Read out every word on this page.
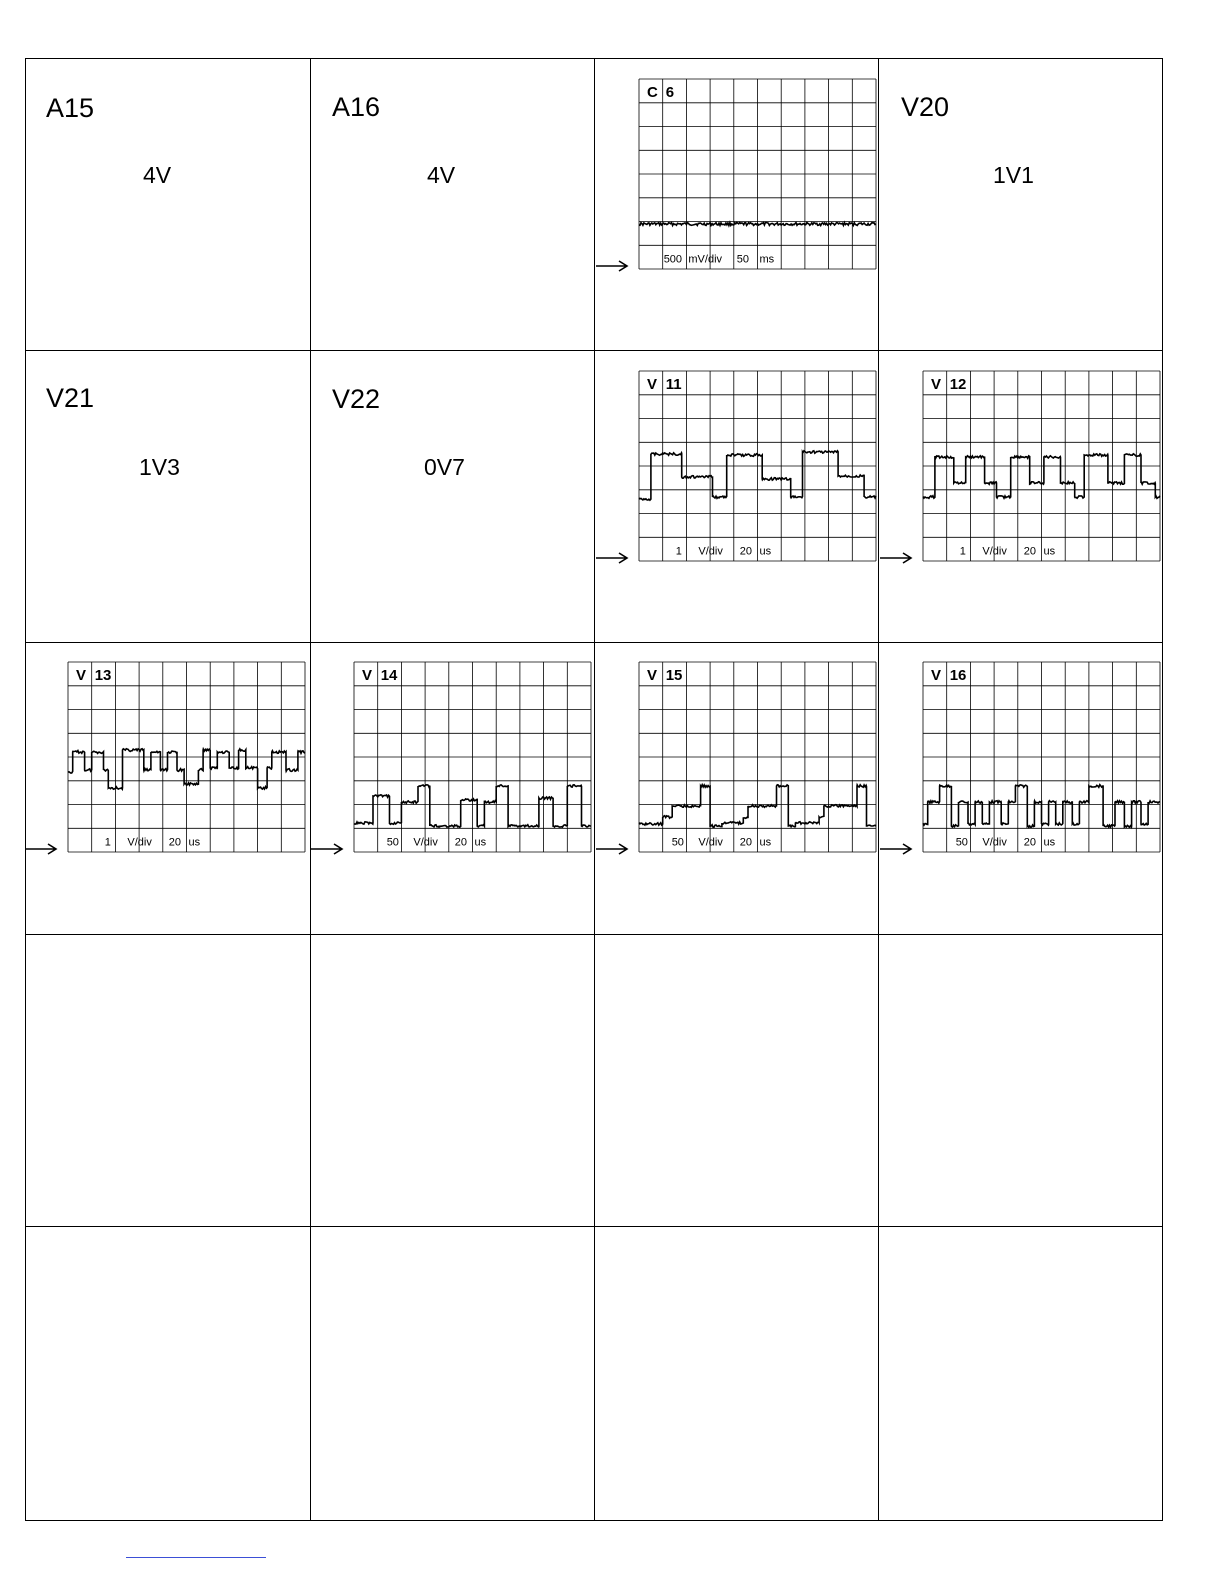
A15
4V
A16
4V
V20
1V1
V21
1V3
V22
0V7
C 6
500 mV/div 50 ms
V 11
1 V/div 20 us
V 12
1 V/div 20 us
V 13
1 V/div 20 us
V 14
50 V/div 20 us
V 15
50 V/div 20 us
V 16
50 V/div 20 us
